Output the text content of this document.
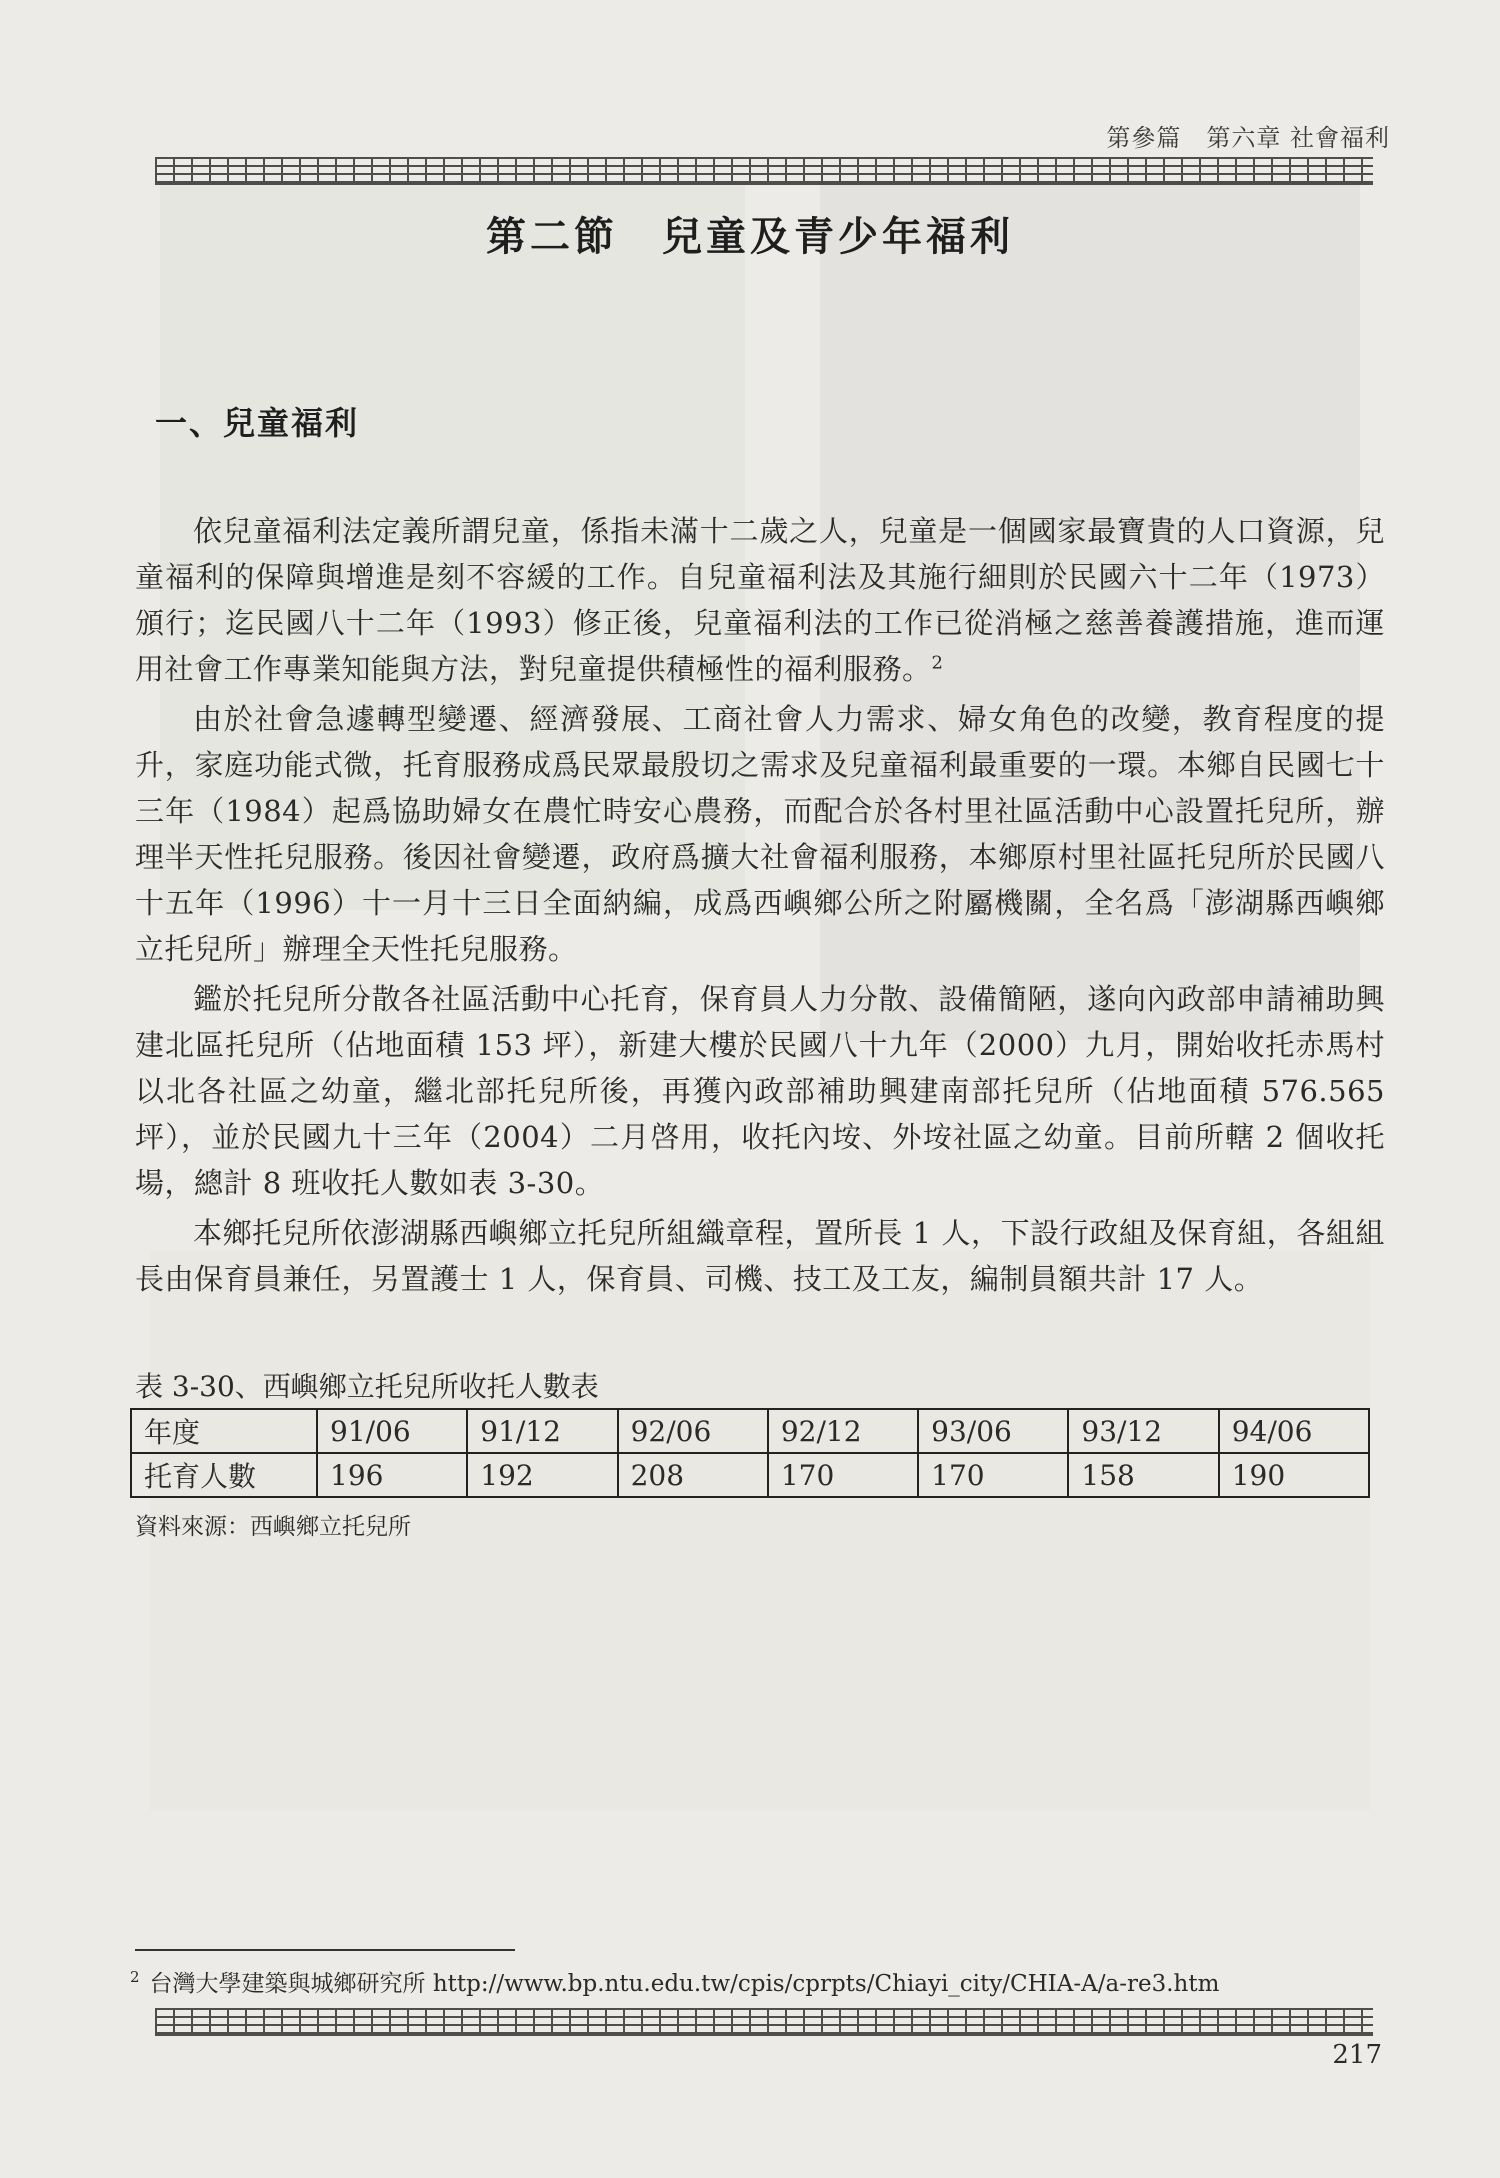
第參篇　第六章 社會福利
第二節　兒童及青少年福利
一、兒童福利

依兒童福利法定義所謂兒童，係指未滿十二歲之人，兒童是一個國家最寶貴的人口資源，兒童福利的保障與增進是刻不容緩的工作。自兒童福利法及其施行細則於民國六十二年（1973）頒行；迄民國八十二年（1993）修正後，兒童福利法的工作已從消極之慈善養護措施，進而運用社會工作專業知能與方法，對兒童提供積極性的福利服務。$^2$

由於社會急遽轉型變遷、經濟發展、工商社會人力需求、婦女角色的改變，教育程度的提升，家庭功能式微，托育服務成爲民眾最殷切之需求及兒童福利最重要的一環。本鄉自民國七十三年（1984）起爲協助婦女在農忙時安心農務，而配合於各村里社區活動中心設置托兒所，辦理半天性托兒服務。後因社會變遷，政府爲擴大社會福利服務，本鄉原村里社區托兒所於民國八十五年（1996）十一月十三日全面納編，成爲西嶼鄉公所之附屬機關，全名爲「澎湖縣西嶼鄉立托兒所」辦理全天性托兒服務。

鑑於托兒所分散各社區活動中心托育，保育員人力分散、設備簡陋，遂向內政部申請補助興建北區托兒所（佔地面積 153 坪），新建大樓於民國八十九年（2000）九月，開始收托赤馬村以北各社區之幼童，繼北部托兒所後，再獲內政部補助興建南部托兒所（佔地面積 576.565 坪），並於民國九十三年（2004）二月啓用，收托內垵、外垵社區之幼童。目前所轄 2 個收托場，總計 8 班收托人數如表 3-30。

本鄉托兒所依澎湖縣西嶼鄉立托兒所組織章程，置所長 1 人，下設行政組及保育組，各組組長由保育員兼任，另置護士 1 人，保育員、司機、技工及工友，編制員額共計 17 人。

表 3-30、西嶼鄉立托兒所收托人數表
年度	91/06	91/12	92/06	92/12	93/06	93/12	94/06
托育人數	196	192	208	170	170	158	190
資料來源：西嶼鄉立托兒所
$^2$ 台灣大學建築與城鄉研究所 http://www.bp.ntu.edu.tw/cpis/cprpts/Chiayi_city/CHIA-A/a-re3.htm
217
